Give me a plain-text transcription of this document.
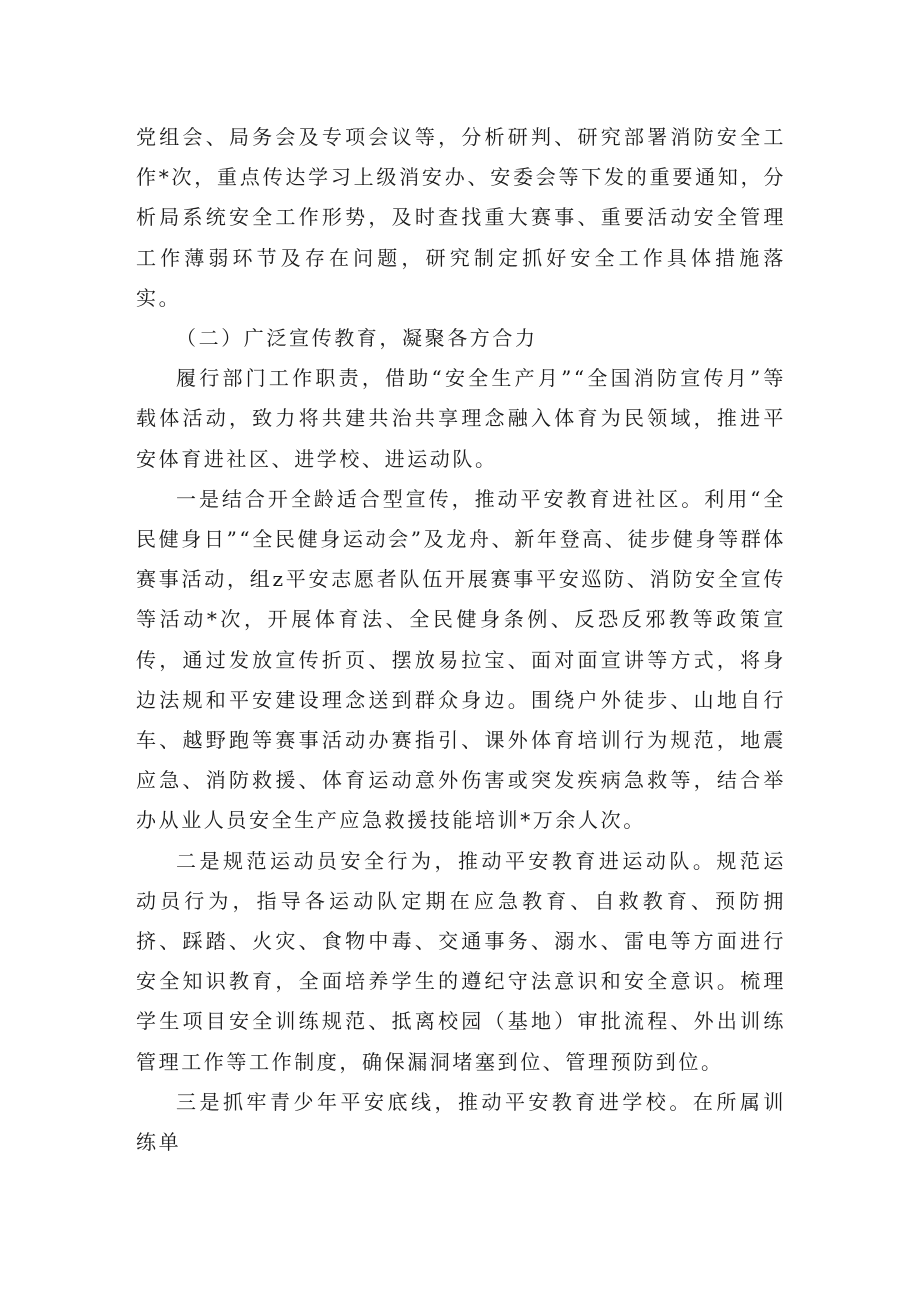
党组会、局务会及专项会议等，分析研判、研究部署消防安全工作*次，重点传达学习上级消安办、安委会等下发的重要通知，分析局系统安全工作形势，及时查找重大赛事、重要活动安全管理工作薄弱环节及存在问题，研究制定抓好安全工作具体措施落实。

（二）广泛宣传教育，凝聚各方合力

履行部门工作职责，借助“安全生产月”“全国消防宣传月”等载体活动，致力将共建共治共享理念融入体育为民领域，推进平安体育进社区、进学校、进运动队。

一是结合开全龄适合型宣传，推动平安教育进社区。利用“全民健身日”“全民健身运动会”及龙舟、新年登高、徒步健身等群体赛事活动，组z平安志愿者队伍开展赛事平安巡防、消防安全宣传等活动*次，开展体育法、全民健身条例、反恐反邪教等政策宣传，通过发放宣传折页、摆放易拉宝、面对面宣讲等方式，将身边法规和平安建设理念送到群众身边。围绕户外徒步、山地自行车、越野跑等赛事活动办赛指引、课外体育培训行为规范，地震应急、消防救援、体育运动意外伤害或突发疾病急救等，结合举办从业人员安全生产应急救援技能培训*万余人次。

二是规范运动员安全行为，推动平安教育进运动队。规范运动员行为，指导各运动队定期在应急教育、自救教育、预防拥挤、踩踏、火灾、食物中毒、交通事务、溺水、雷电等方面进行安全知识教育，全面培养学生的遵纪守法意识和安全意识。梳理学生项目安全训练规范、抵离校园（基地）审批流程、外出训练管理工作等工作制度，确保漏洞堵塞到位、管理预防到位。

三是抓牢青少年平安底线，推动平安教育进学校。在所属训练单
